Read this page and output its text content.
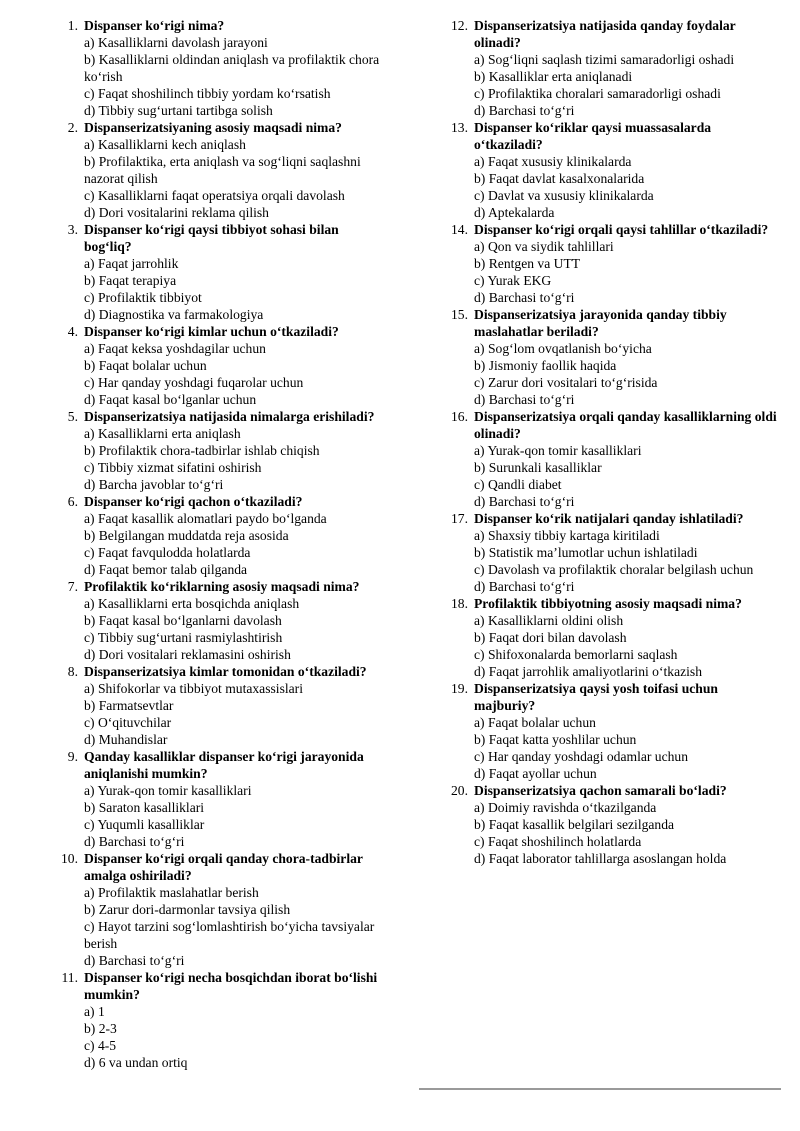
1. Dispanser ko‘rigi nima?
a) Kasalliklarni davolash jarayoni
b) Kasalliklarni oldindan aniqlash va profilaktik chora ko‘rish
c) Faqat shoshilinch tibbiy yordam ko‘rsatish
d) Tibbiy sug‘urtani tartibga solish
2. Dispanserizatsiyaning asosiy maqsadi nima?
a) Kasalliklarni kech aniqlash
b) Profilaktika, erta aniqlash va sog‘liqni saqlashni nazorat qilish
c) Kasalliklarni faqat operatsiya orqali davolash
d) Dori vositalarini reklama qilish
3. Dispanser ko‘rigi qaysi tibbiyot sohasi bilan bog‘liq?
a) Faqat jarrohlik
b) Faqat terapiya
c) Profilaktik tibbiyot
d) Diagnostika va farmakologiya
4. Dispanser ko‘rigi kimlar uchun o‘tkaziladi?
a) Faqat keksa yoshdagilar uchun
b) Faqat bolalar uchun
c) Har qanday yoshdagi fuqarolar uchun
d) Faqat kasal bo‘lganlar uchun
5. Dispanserizatsiya natijasida nimalarga erishiladi?
a) Kasalliklarni erta aniqlash
b) Profilaktik chora-tadbirlar ishlab chiqish
c) Tibbiy xizmat sifatini oshirish
d) Barcha javoblar to‘g‘ri
6. Dispanser ko‘rigi qachon o‘tkaziladi?
a) Faqat kasallik alomatlari paydo bo‘lganda
b) Belgilangan muddatda reja asosida
c) Faqat favqulodda holatlarda
d) Faqat bemor talab qilganda
7. Profilaktik ko‘riklarning asosiy maqsadi nima?
a) Kasalliklarni erta bosqichda aniqlash
b) Faqat kasal bo‘lganlarni davolash
c) Tibbiy sug‘urtani rasmiylashtirish
d) Dori vositalari reklamasini oshirish
8. Dispanserizatsiya kimlar tomonidan o‘tkaziladi?
a) Shifokorlar va tibbiyot mutaxassislari
b) Farmatsevtlar
c) O‘qituvchilar
d) Muhandislar
9. Qanday kasalliklar dispanser ko‘rigi jarayonida aniqlanishi mumkin?
a) Yurak-qon tomir kasalliklari
b) Saraton kasalliklari
c) Yuqumli kasalliklar
d) Barchasi to‘g‘ri
10. Dispanser ko‘rigi orqali qanday chora-tadbirlar amalga oshiriladi?
a) Profilaktik maslahatlar berish
b) Zarur dori-darmonlar tavsiya qilish
c) Hayot tarzini sog‘lomlashtirish bo‘yicha tavsiyalar berish
d) Barchasi to‘g‘ri
11. Dispanser ko‘rigi necha bosqichdan iborat bo‘lishi mumkin?
a) 1
b) 2-3
c) 4-5
d) 6 va undan ortiq
12. Dispanserizatsiya natijasida qanday foydalar olinadi?
a) Sog‘liqni saqlash tizimi samaradorligi oshadi
b) Kasalliklar erta aniqlanadi
c) Profilaktika choralari samaradorligi oshadi
d) Barchasi to‘g‘ri
13. Dispanser ko‘riklar qaysi muassasalarda o‘tkaziladi?
a) Faqat xususiy klinikalarda
b) Faqat davlat kasalxonalarida
c) Davlat va xususiy klinikalarda
d) Aptekalarda
14. Dispanser ko‘rigi orqali qaysi tahlillar o‘tkaziladi?
a) Qon va siydik tahlillari
b) Rentgen va UTT
c) Yurak EKG
d) Barchasi to‘g‘ri
15. Dispanserizatsiya jarayonida qanday tibbiy maslahatlar beriladi?
a) Sog‘lom ovqatlanish bo‘yicha
b) Jismoniy faollik haqida
c) Zarur dori vositalari to‘g‘risida
d) Barchasi to‘g‘ri
16. Dispanserizatsiya orqali qanday kasalliklarning oldi olinadi?
a) Yurak-qon tomir kasalliklari
b) Surunkali kasalliklar
c) Qandli diabet
d) Barchasi to‘g‘ri
17. Dispanser ko‘rik natijalari qanday ishlatiladi?
a) Shaxsiy tibbiy kartaga kiritiladi
b) Statistik ma’lumotlar uchun ishlatiladi
c) Davolash va profilaktik choralar belgilash uchun
d) Barchasi to‘g‘ri
18. Profilaktik tibbiyotning asosiy maqsadi nima?
a) Kasalliklarni oldini olish
b) Faqat dori bilan davolash
c) Shifoxonalarda bemorlarni saqlash
d) Faqat jarrohlik amaliyotlarini o‘tkazish
19. Dispanserizatsiya qaysi yosh toifasi uchun majburiy?
a) Faqat bolalar uchun
b) Faqat katta yoshlilar uchun
c) Har qanday yoshdagi odamlar uchun
d) Faqat ayollar uchun
20. Dispanserizatsiya qachon samarali bo‘ladi?
a) Doimiy ravishda o‘tkazilganda
b) Faqat kasallik belgilari sezilganda
c) Faqat shoshilinch holatlarda
d) Faqat laborator tahlillarga asoslangan holda
